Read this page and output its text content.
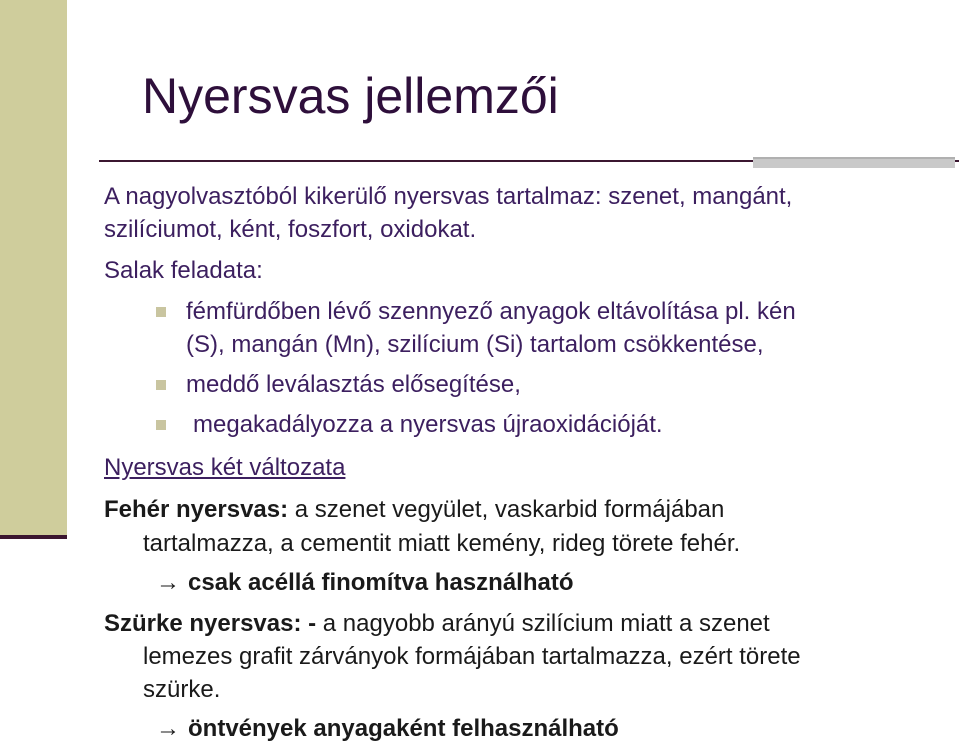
Nyersvas jellemzői
A nagyolvasztóból kikerülő nyersvas tartalmaz: szenet, mangánt,
szilíciumot, ként, foszfort, oxidokat.
Salak feladata:
fémfürdőben lévő szennyező anyagok eltávolítása pl. kén
(S), mangán (Mn), szilícium (Si) tartalom csökkentése,
meddő leválasztás elősegítése,
megakadályozza a nyersvas újraoxidációját.
Nyersvas két változata
Fehér nyersvas: a szenet vegyület, vaskarbid formájában
tartalmazza, a cementit miatt kemény, rideg törete fehér.
→ csak acéllá finomítva használható
Szürke nyersvas: - a nagyobb arányú szilícium miatt a szenet
lemezes grafit zárványok formájában tartalmazza, ezért törete
szürke.
→ öntvények anyagaként felhasználható
